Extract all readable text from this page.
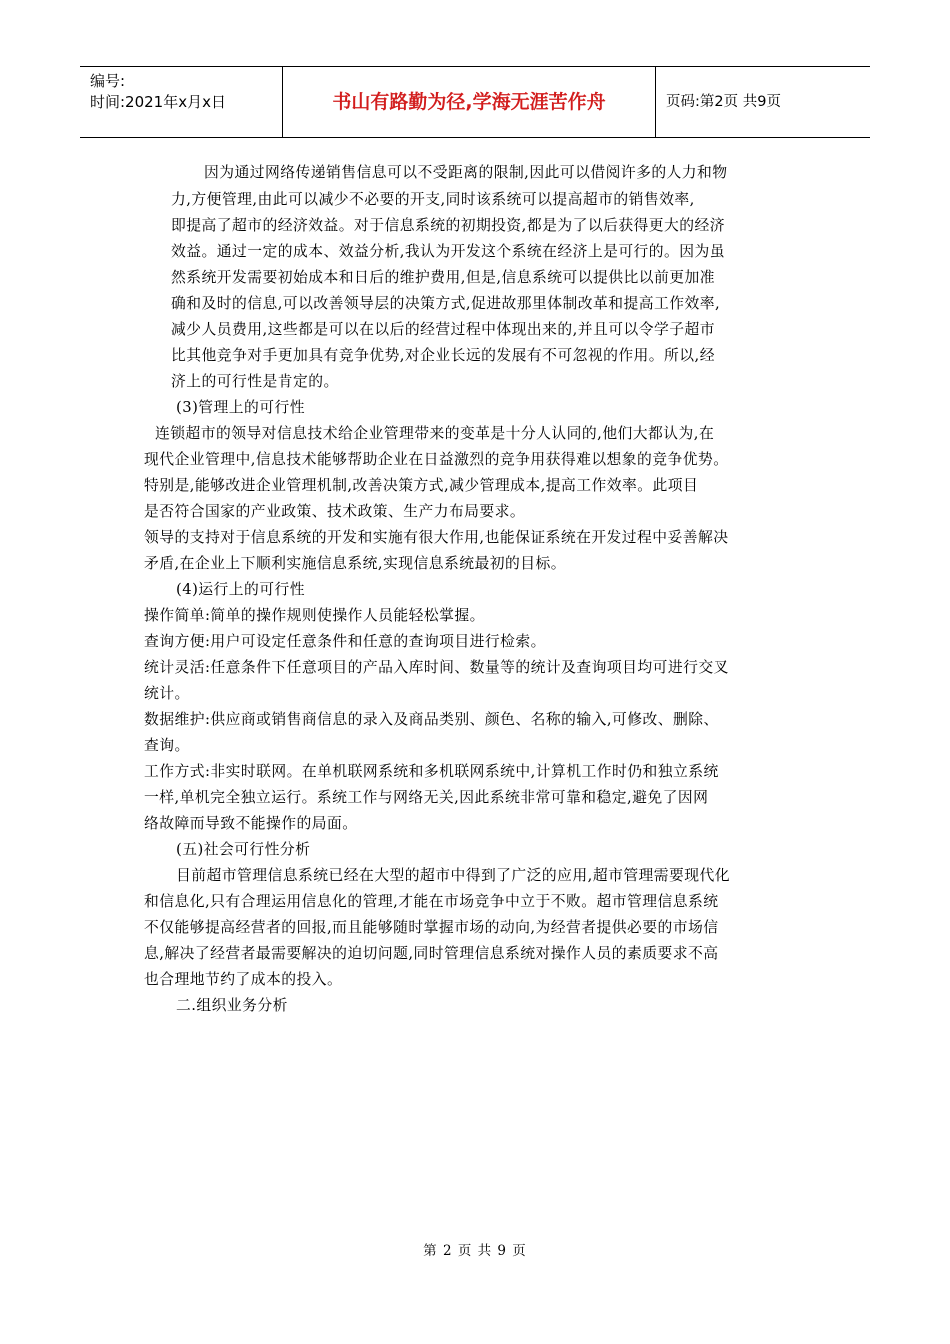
编号:
时间:2021年x月x日	书山有路勤为径,学海无涯苦作舟	页码:第2页 共9页
因为通过网络传递销售信息可以不受距离的限制,因此可以借阅许多的人力和物
力,方便管理,由此可以减少不必要的开支,同时该系统可以提高超市的销售效率,
即提高了超市的经济效益。对于信息系统的初期投资,都是为了以后获得更大的经济
效益。通过一定的成本、效益分析,我认为开发这个系统在经济上是可行的。因为虽
然系统开发需要初始成本和日后的维护费用,但是,信息系统可以提供比以前更加准
确和及时的信息,可以改善领导层的决策方式,促进故那里体制改革和提高工作效率,
减少人员费用,这些都是可以在以后的经营过程中体现出来的,并且可以令学子超市
比其他竞争对手更加具有竞争优势,对企业长远的发展有不可忽视的作用。所以,经
济上的可行性是肯定的。
(3)管理上的可行性
连锁超市的领导对信息技术给企业管理带来的变革是十分人认同的,他们大都认为,在
现代企业管理中,信息技术能够帮助企业在日益激烈的竞争用获得难以想象的竞争优势。
特别是,能够改进企业管理机制,改善决策方式,减少管理成本,提高工作效率。此项目
是否符合国家的产业政策、技术政策、生产力布局要求。
领导的支持对于信息系统的开发和实施有很大作用,也能保证系统在开发过程中妥善解决
矛盾,在企业上下顺利实施信息系统,实现信息系统最初的目标。
(4)运行上的可行性
操作简单:简单的操作规则使操作人员能轻松掌握。
查询方便:用户可设定任意条件和任意的查询项目进行检索。
统计灵活:任意条件下任意项目的产品入库时间、数量等的统计及查询项目均可进行交叉
统计。
数据维护:供应商或销售商信息的录入及商品类别、颜色、名称的输入,可修改、删除、
查询。
工作方式:非实时联网。在单机联网系统和多机联网系统中,计算机工作时仍和独立系统
一样,单机完全独立运行。系统工作与网络无关,因此系统非常可靠和稳定,避免了因网
络故障而导致不能操作的局面。
(五)社会可行性分析
目前超市管理信息系统已经在大型的超市中得到了广泛的应用,超市管理需要现代化
和信息化,只有合理运用信息化的管理,才能在市场竞争中立于不败。超市管理信息系统
不仅能够提高经营者的回报,而且能够随时掌握市场的动向,为经营者提供必要的市场信
息,解决了经营者最需要解决的迫切问题,同时管理信息系统对操作人员的素质要求不高
也合理地节约了成本的投入。
二.组织业务分析
第 2 页 共 9 页
